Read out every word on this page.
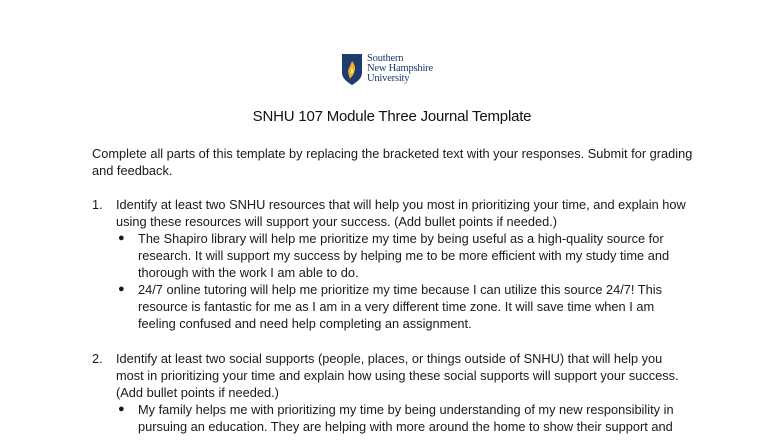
Southern
New Hampshire
University
SNHU 107 Module Three Journal Template

Complete all parts of this template by replacing the bracketed text with your responses. Submit for grading and feedback.

1. Identify at least two SNHU resources that will help you most in prioritizing your time, and explain how using these resources will support your success. (Add bullet points if needed.)
● The Shapiro library will help me prioritize my time by being useful as a high-quality source for research. It will support my success by helping me to be more efficient with my study time and thorough with the work I am able to do.
● 24/7 online tutoring will help me prioritize my time because I can utilize this source 24/7! This resource is fantastic for me as I am in a very different time zone. It will save time when I am feeling confused and need help completing an assignment.
2. Identify at least two social supports (people, places, or things outside of SNHU) that will help you most in prioritizing your time and explain how using these social supports will support your success. (Add bullet points if needed.)
● My family helps me with prioritizing my time by being understanding of my new responsibility in pursuing an education. They are helping with more around the home to show their support and
